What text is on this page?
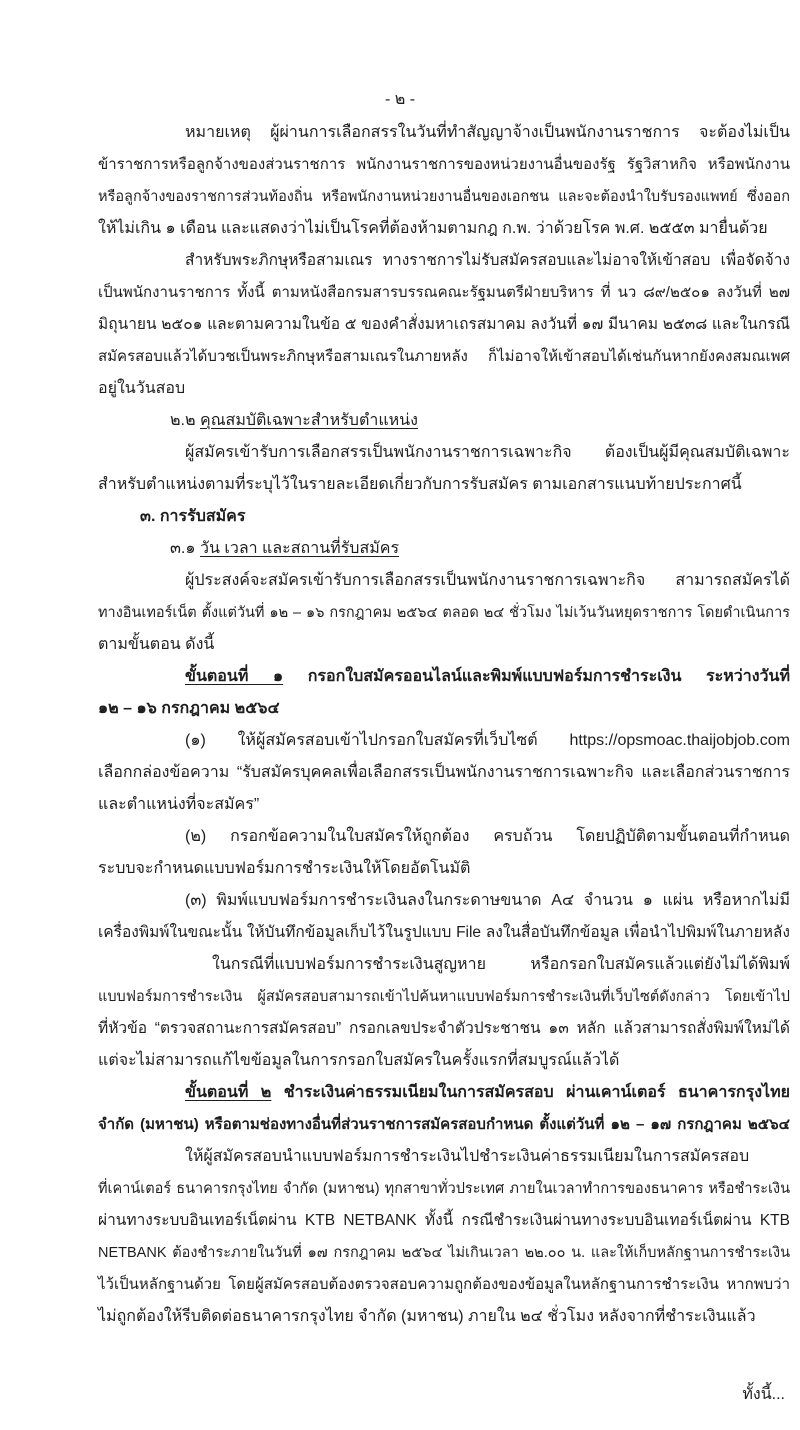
- ๒ -
หมายเหตุ ผู้ผ่านการเลือกสรรในวันที่ทำสัญญาจ้างเป็นพนักงานราชการ จะต้องไม่เป็น
ข้าราชการหรือลูกจ้างของส่วนราชการ พนักงานราชการของหน่วยงานอื่นของรัฐ รัฐวิสาหกิจ หรือพนักงาน
หรือลูกจ้างของราชการส่วนท้องถิ่น หรือพนักงานหน่วยงานอื่นของเอกชน และจะต้องนำใบรับรองแพทย์ ซึ่งออก
ให้ไม่เกิน ๑ เดือน และแสดงว่าไม่เป็นโรคที่ต้องห้ามตามกฎ ก.พ. ว่าด้วยโรค พ.ศ. ๒๕๕๓ มายื่นด้วย
สำหรับพระภิกษุหรือสามเณร ทางราชการไม่รับสมัครสอบและไม่อาจให้เข้าสอบ เพื่อจัดจ้าง
เป็นพนักงานราชการ ทั้งนี้ ตามหนังสือกรมสารบรรณคณะรัฐมนตรีฝ่ายบริหาร ที่ นว ๘๙/๒๕๐๑ ลงวันที่ ๒๗
มิถุนายน ๒๕๐๑ และตามความในข้อ ๕ ของคำสั่งมหาเถรสมาคม ลงวันที่ ๑๗ มีนาคม ๒๕๓๘ และในกรณี
สมัครสอบแล้วได้บวชเป็นพระภิกษุหรือสามเณรในภายหลัง ก็ไม่อาจให้เข้าสอบได้เช่นกันหากยังคงสมณเพศ
อยู่ในวันสอบ
๒.๒ คุณสมบัติเฉพาะสำหรับตำแหน่ง
ผู้สมัครเข้ารับการเลือกสรรเป็นพนักงานราชการเฉพาะกิจ ต้องเป็นผู้มีคุณสมบัติเฉพาะ
สำหรับตำแหน่งตามที่ระบุไว้ในรายละเอียดเกี่ยวกับการรับสมัคร ตามเอกสารแนบท้ายประกาศนี้
๓. การรับสมัคร
๓.๑ วัน เวลา และสถานที่รับสมัคร
ผู้ประสงค์จะสมัครเข้ารับการเลือกสรรเป็นพนักงานราชการเฉพาะกิจ สามารถสมัครได้
ทางอินเทอร์เน็ต ตั้งแต่วันที่ ๑๒ – ๑๖ กรกฎาคม ๒๕๖๔ ตลอด ๒๔ ชั่วโมง ไม่เว้นวันหยุดราชการ โดยดำเนินการ
ตามขั้นตอน ดังนี้
ขั้นตอนที่ ๑ กรอกใบสมัครออนไลน์และพิมพ์แบบฟอร์มการชำระเงิน ระหว่างวันที่
๑๒ – ๑๖ กรกฎาคม ๒๕๖๔
(๑) ให้ผู้สมัครสอบเข้าไปกรอกใบสมัครที่เว็บไซต์ https://opsmoac.thaijobjob.com
เลือกกล่องข้อความ “รับสมัครบุคคลเพื่อเลือกสรรเป็นพนักงานราชการเฉพาะกิจ และเลือกส่วนราชการ
และตำแหน่งที่จะสมัคร”
(๒) กรอกข้อความในใบสมัครให้ถูกต้อง ครบถ้วน โดยปฏิบัติตามขั้นตอนที่กำหนด
ระบบจะกำหนดแบบฟอร์มการชำระเงินให้โดยอัตโนมัติ
(๓) พิมพ์แบบฟอร์มการชำระเงินลงในกระดาษขนาด A๔ จำนวน ๑ แผ่น หรือหากไม่มี
เครื่องพิมพ์ในขณะนั้น ให้บันทึกข้อมูลเก็บไว้ในรูปแบบ File ลงในสื่อบันทึกข้อมูล เพื่อนำไปพิมพ์ในภายหลัง
ในกรณีที่แบบฟอร์มการชำระเงินสูญหาย หรือกรอกใบสมัครแล้วแต่ยังไม่ได้พิมพ์
แบบฟอร์มการชำระเงิน ผู้สมัครสอบสามารถเข้าไปค้นหาแบบฟอร์มการชำระเงินที่เว็บไซต์ดังกล่าว โดยเข้าไป
ที่หัวข้อ “ตรวจสถานะการสมัครสอบ” กรอกเลขประจำตัวประชาชน ๑๓ หลัก แล้วสามารถสั่งพิมพ์ใหม่ได้
แต่จะไม่สามารถแก้ไขข้อมูลในการกรอกใบสมัครในครั้งแรกที่สมบูรณ์แล้วได้
ขั้นตอนที่ ๒ ชำระเงินค่าธรรมเนียมในการสมัครสอบ ผ่านเคาน์เตอร์ ธนาคารกรุงไทย
จำกัด (มหาชน) หรือตามช่องทางอื่นที่ส่วนราชการสมัครสอบกำหนด ตั้งแต่วันที่ ๑๒ – ๑๗ กรกฎาคม ๒๕๖๔
ให้ผู้สมัครสอบนำแบบฟอร์มการชำระเงินไปชำระเงินค่าธรรมเนียมในการสมัครสอบ
ที่เคาน์เตอร์ ธนาคารกรุงไทย จำกัด (มหาชน) ทุกสาขาทั่วประเทศ ภายในเวลาทำการของธนาคาร หรือชำระเงิน
ผ่านทางระบบอินเทอร์เน็ตผ่าน KTB NETBANK ทั้งนี้ กรณีชำระเงินผ่านทางระบบอินเทอร์เน็ตผ่าน KTB
NETBANK ต้องชำระภายในวันที่ ๑๗ กรกฎาคม ๒๕๖๔ ไม่เกินเวลา ๒๒.๐๐ น. และให้เก็บหลักฐานการชำระเงิน
ไว้เป็นหลักฐานด้วย โดยผู้สมัครสอบต้องตรวจสอบความถูกต้องของข้อมูลในหลักฐานการชำระเงิน หากพบว่า
ไม่ถูกต้องให้รีบติดต่อธนาคารกรุงไทย จำกัด (มหาชน) ภายใน ๒๔ ชั่วโมง หลังจากที่ชำระเงินแล้ว
ทั้งนี้...
